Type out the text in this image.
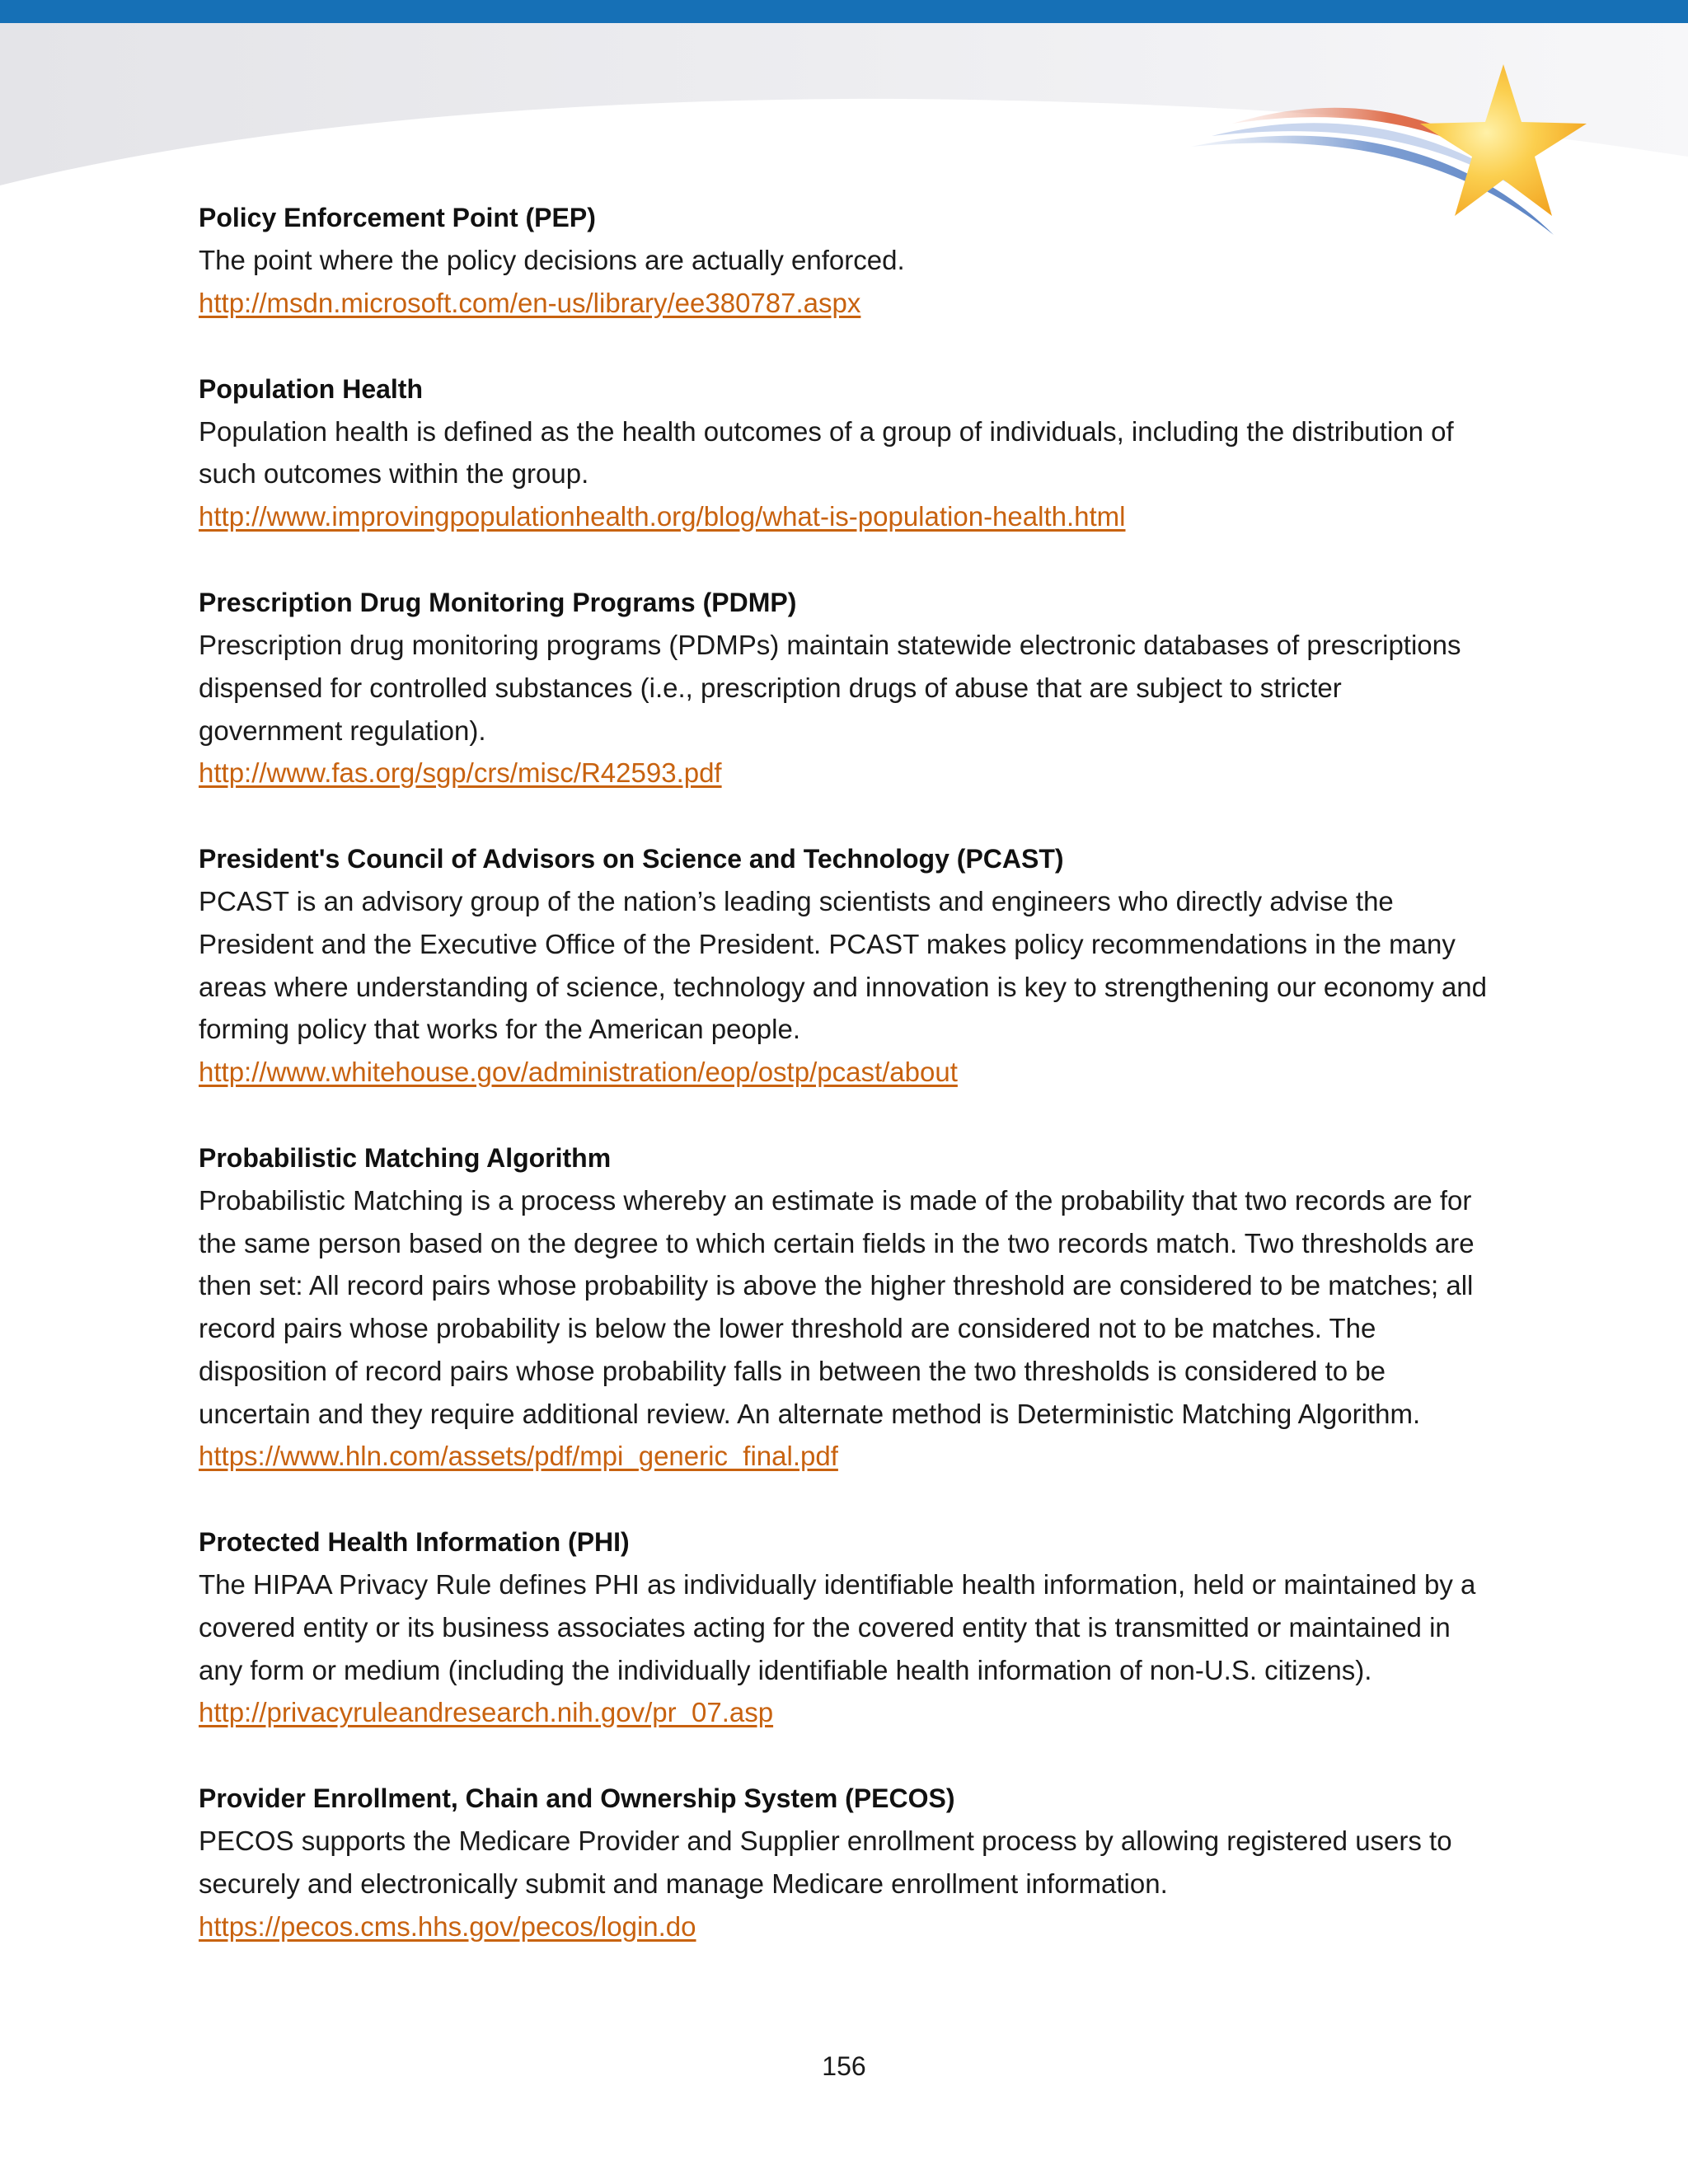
Policy Enforcement Point (PEP)

The point where the policy decisions are actually enforced.

http://msdn.microsoft.com/en-us/library/ee380787.aspx

Population Health

Population health is defined as the health outcomes of a group of individuals, including the distribution of such outcomes within the group.

http://www.improvingpopulationhealth.org/blog/what-is-population-health.html

Prescription Drug Monitoring Programs (PDMP)

Prescription drug monitoring programs (PDMPs) maintain statewide electronic databases of prescriptions dispensed for controlled substances (i.e., prescription drugs of abuse that are subject to stricter government regulation).

http://www.fas.org/sgp/crs/misc/R42593.pdf

President's Council of Advisors on Science and Technology (PCAST)

PCAST is an advisory group of the nation’s leading scientists and engineers who directly advise the President and the Executive Office of the President. PCAST makes policy recommendations in the many areas where understanding of science, technology and innovation is key to strengthening our economy and forming policy that works for the American people.

http://www.whitehouse.gov/administration/eop/ostp/pcast/about

Probabilistic Matching Algorithm

Probabilistic Matching is a process whereby an estimate is made of the probability that two records are for the same person based on the degree to which certain fields in the two records match. Two thresholds are then set: All record pairs whose probability is above the higher threshold are considered to be matches; all record pairs whose probability is below the lower threshold are considered not to be matches. The disposition of record pairs whose probability falls in between the two thresholds is considered to be uncertain and they require additional review. An alternate method is Deterministic Matching Algorithm.

https://www.hln.com/assets/pdf/mpi_generic_final.pdf

Protected Health Information (PHI)

The HIPAA Privacy Rule defines PHI as individually identifiable health information, held or maintained by a covered entity or its business associates acting for the covered entity that is transmitted or maintained in any form or medium (including the individually identifiable health information of non-U.S. citizens).

http://privacyruleandresearch.nih.gov/pr_07.asp

Provider Enrollment, Chain and Ownership System (PECOS)

PECOS supports the Medicare Provider and Supplier enrollment process by allowing registered users to securely and electronically submit and manage Medicare enrollment information.

https://pecos.cms.hhs.gov/pecos/login.do
156
